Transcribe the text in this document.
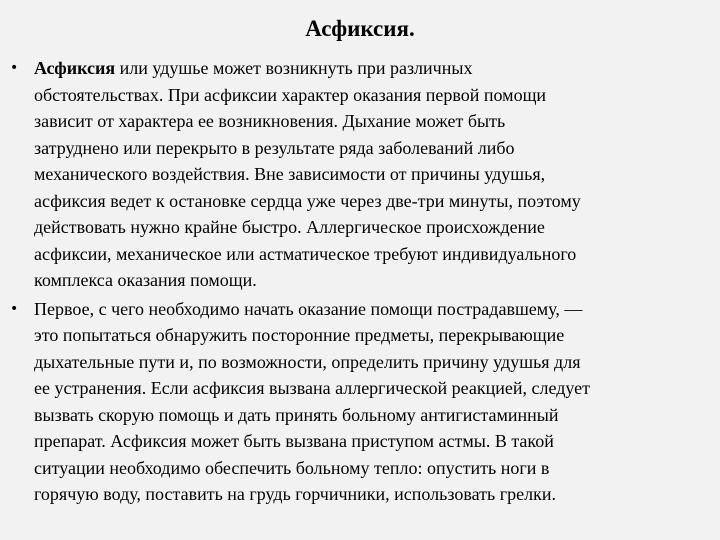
Асфиксия.
• Асфиксия или удушье может возникнуть при различных
обстоятельствах. При асфиксии характер оказания первой помощи
зависит от характера ее возникновения. Дыхание может быть
затруднено или перекрыто в результате ряда заболеваний либо
механического воздействия. Вне зависимости от причины удушья,
асфиксия ведет к остановке сердца уже через две-три минуты, поэтому
действовать нужно крайне быстро. Аллергическое происхождение
асфиксии, механическое или астматическое требуют индивидуального
комплекса оказания помощи.
• Первое, с чего необходимо начать оказание помощи пострадавшему, —
это попытаться обнаружить посторонние предметы, перекрывающие
дыхательные пути и, по возможности, определить причину удушья для
ее устранения. Если асфиксия вызвана аллергической реакцией, следует
вызвать скорую помощь и дать принять больному антигистаминный
препарат. Асфиксия может быть вызвана приступом астмы. В такой
ситуации необходимо обеспечить больному тепло: опустить ноги в
горячую воду, поставить на грудь горчичники, использовать грелки.
